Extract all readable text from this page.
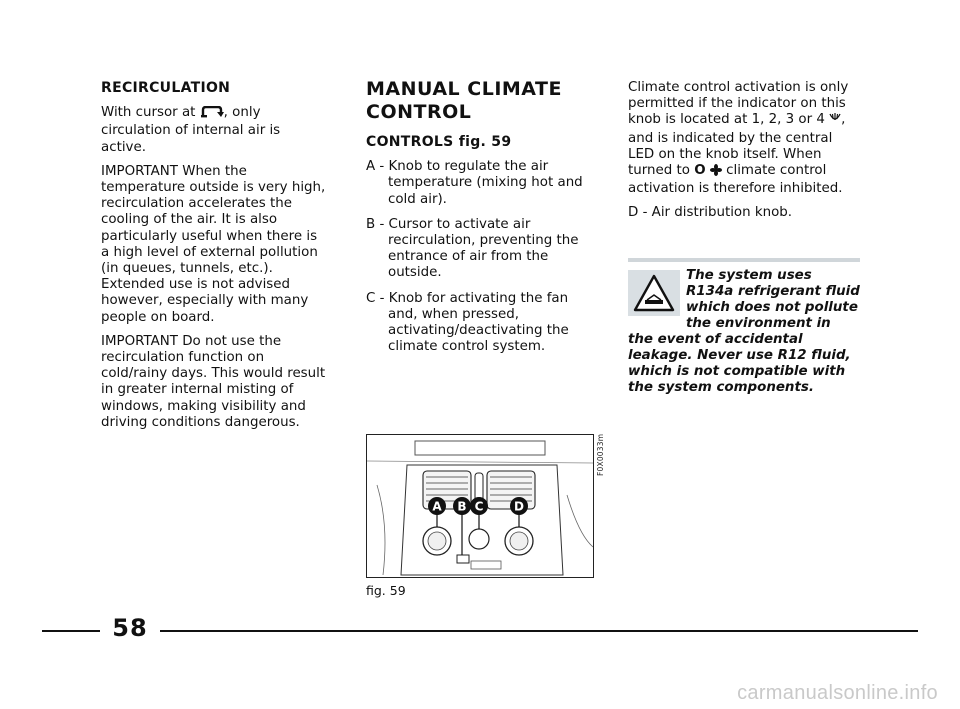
RECIRCULATION

With cursor at , only circulation of internal air is active.

IMPORTANT When the temperature outside is very high, recirculation accelerates the cooling of the air. It is also particularly useful when there is a high level of external pollution (in queues, tunnels, etc.). Extended use is not advised however, especially with many people on board.

IMPORTANT Do not use the recirculation function on cold/rainy days. This would result in greater internal misting of windows, making visibility and driving conditions dangerous.

MANUAL CLIMATE CONTROL
CONTROLS fig. 59
A - Knob to regulate the air temperature (mixing hot and cold air).
B - Cursor to activate air recirculation, preventing the entrance of air from the outside.
C - Knob for activating the fan and, when pressed, activating/deactivating the climate control system.

Climate control activation is only permitted if the indicator on this knob is located at 1, 2, 3 or 4 , and is indicated by the central LED on the knob itself. When turned to O climate control activation is therefore inhibited.

D - Air distribution knob.

The system uses R134a refrigerant fluid which does not pollute the environment in the event of accidental leakage. Never use R12 fluid, which is not compatible with the system components.
A B C	D
F0X0033m
fig. 59
58
carmanualsonline.info
